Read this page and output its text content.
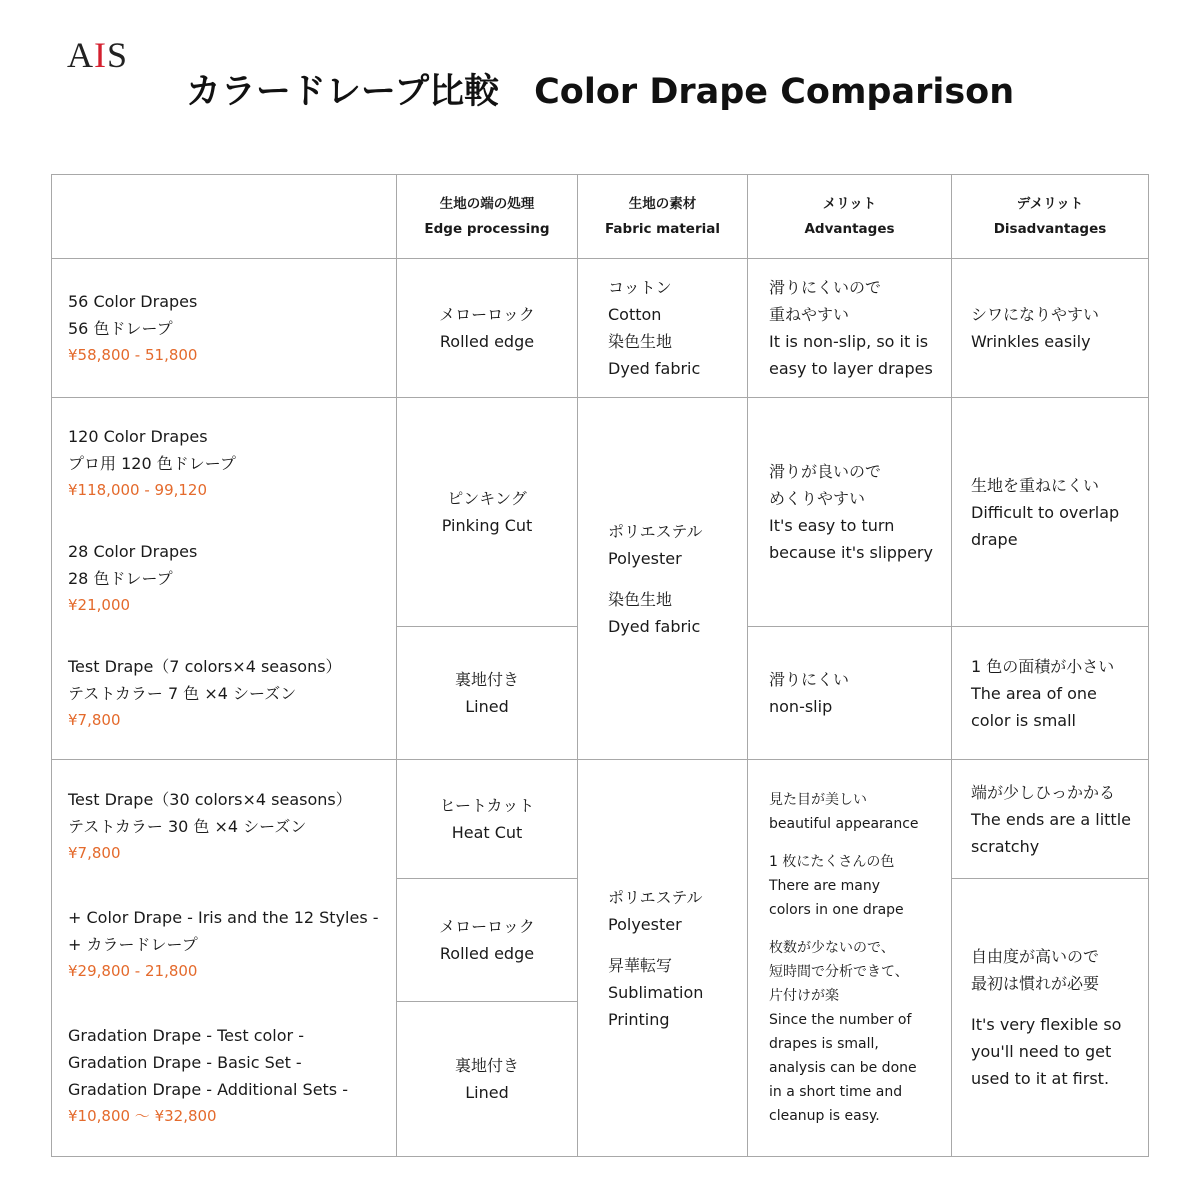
AIS
カラードレープ比較　Color Drape Comparison
生地の端の処理
Edge processing
生地の素材
Fabric material
メリット
Advantages
デメリット
Disadvantages
56 Color Drapes
56 色ドレープ
¥58,800 - 51,800
120 Color Drapes
プロ用 120 色ドレープ
¥118,000 - 99,120
28 Color Drapes
28 色ドレープ
¥21,000
Test Drape（7 colors×4 seasons）
テストカラー 7 色 ×4 シーズン
¥7,800
Test Drape（30 colors×4 seasons）
テストカラー 30 色 ×4 シーズン
¥7,800
+ Color Drape - Iris and the 12 Styles -
+ カラードレープ
¥29,800 - 21,800
Gradation Drape - Test color -
Gradation Drape - Basic Set -
Gradation Drape - Additional Sets -
¥10,800 〜 ¥32,800
メローロック
Rolled edge
ピンキング
Pinking Cut
裏地付き
Lined
ヒートカット
Heat Cut
メローロック
Rolled edge
裏地付き
Lined
コットン
Cotton
染色生地
Dyed fabric
ポリエステル
Polyester
染色生地
Dyed fabric
ポリエステル
Polyester
昇華転写
Sublimation
Printing
滑りにくいので
重ねやすい
It is non-slip, so it is
easy to layer drapes
滑りが良いので
めくりやすい
It's easy to turn
because it's slippery
滑りにくい
non-slip
見た目が美しい
beautiful appearance
1 枚にたくさんの色
There are many
colors in one drape
枚数が少ないので、
短時間で分析できて、
片付けが楽
Since the number of
drapes is small,
analysis can be done
in a short time and
cleanup is easy.
シワになりやすい
Wrinkles easily
生地を重ねにくい
Difficult to overlap
drape
1 色の面積が小さい
The area of one
color is small
端が少しひっかかる
The ends are a little
scratchy
自由度が高いので
最初は慣れが必要
It's very flexible so
you'll need to get
used to it at first.
